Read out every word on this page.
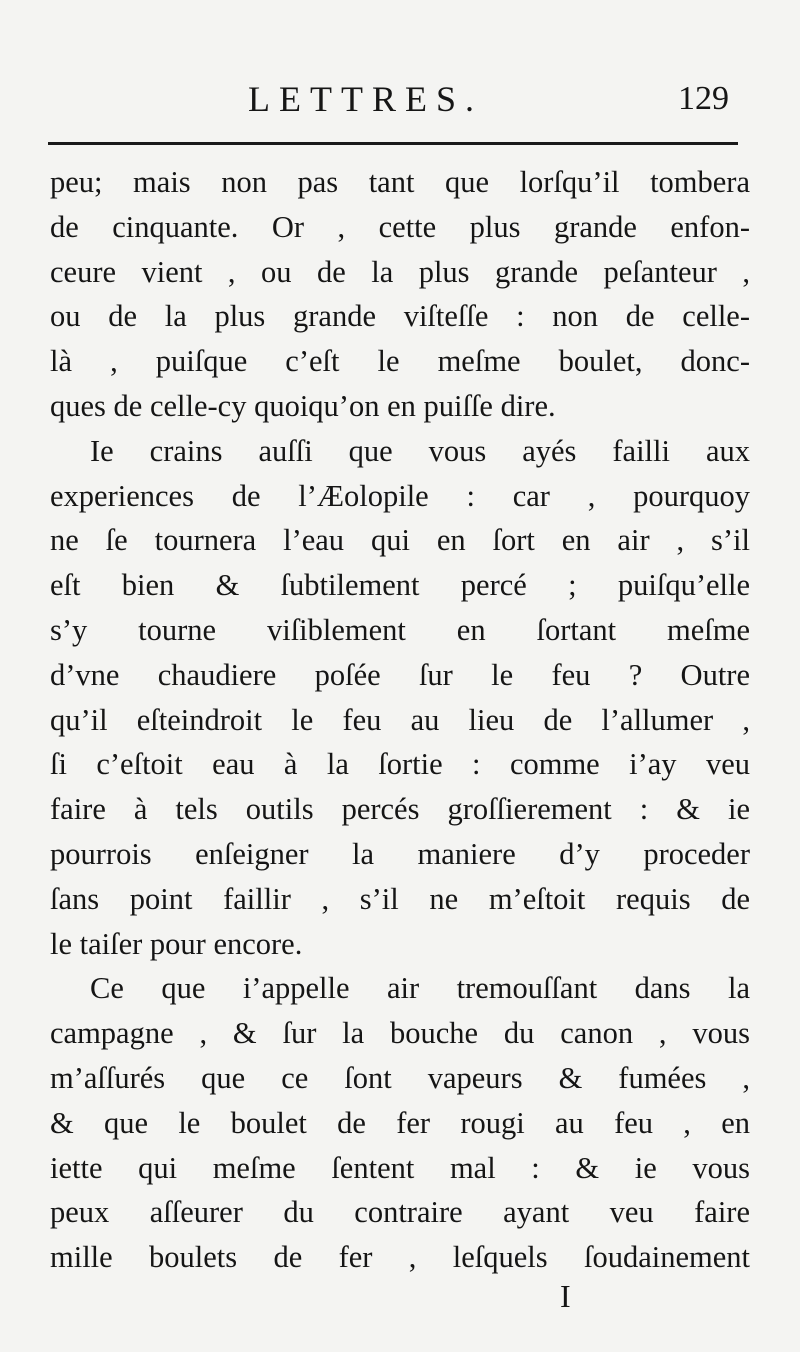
LETTRES.	129
peu; mais non pas tant que lorſqu’il tombera
de cinquante. Or , cette plus grande enfon-
ceure vient , ou de la plus grande peſanteur ,
ou de la plus grande viſteſſe : non de celle-
là , puiſque c’eſt le meſme boulet, donc-
ques de celle-cy quoiqu’on en puiſſe dire.
Ie crains auſſi que vous ayés failli aux
experiences de l’Æolopile : car , pourquoy
ne ſe tournera l’eau qui en ſort en air , s’il
eſt bien & ſubtilement percé ; puiſqu’elle
s’y tourne viſiblement en ſortant meſme
d’vne chaudiere poſée ſur le feu ? Outre
qu’il eſteindroit le feu au lieu de l’allumer ,
ſi c’eſtoit eau à la ſortie : comme i’ay veu
faire à tels outils percés groſſierement : & ie
pourrois enſeigner la maniere d’y proceder
ſans point faillir , s’il ne m’eſtoit requis de
le taiſer pour encore.
Ce que i’appelle air tremouſſant dans la
campagne , & ſur la bouche du canon , vous
m’aſſurés que ce ſont vapeurs & fumées ,
& que le boulet de fer rougi au feu , en
iette qui meſme ſentent mal : & ie vous
peux aſſeurer du contraire ayant veu faire
mille boulets de fer , leſquels ſoudainement
I
